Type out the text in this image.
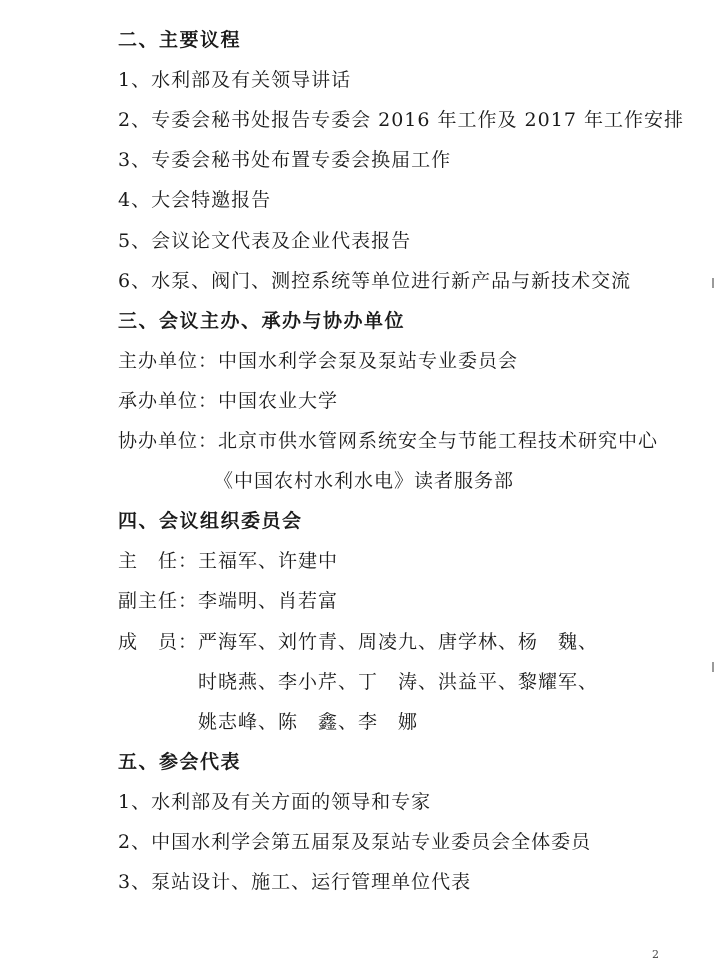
二、主要议程
1、水利部及有关领导讲话
2、专委会秘书处报告专委会 2016 年工作及 2017 年工作安排
3、专委会秘书处布置专委会换届工作
4、大会特邀报告
5、会议论文代表及企业代表报告
6、水泵、阀门、测控系统等单位进行新产品与新技术交流
三、会议主办、承办与协办单位
主办单位：中国水利学会泵及泵站专业委员会
承办单位：中国农业大学
协办单位：北京市供水管网系统安全与节能工程技术研究中心
《中国农村水利水电》读者服务部
四、会议组织委员会
主　任：王福军、许建中
副主任：李端明、肖若富
成　员：严海军、刘竹青、周凌九、唐学林、杨　魏、
时晓燕、李小芹、丁　涛、洪益平、黎耀军、
姚志峰、陈　鑫、李　娜
五、参会代表
1、水利部及有关方面的领导和专家
2、中国水利学会第五届泵及泵站专业委员会全体委员
3、泵站设计、施工、运行管理单位代表
2
